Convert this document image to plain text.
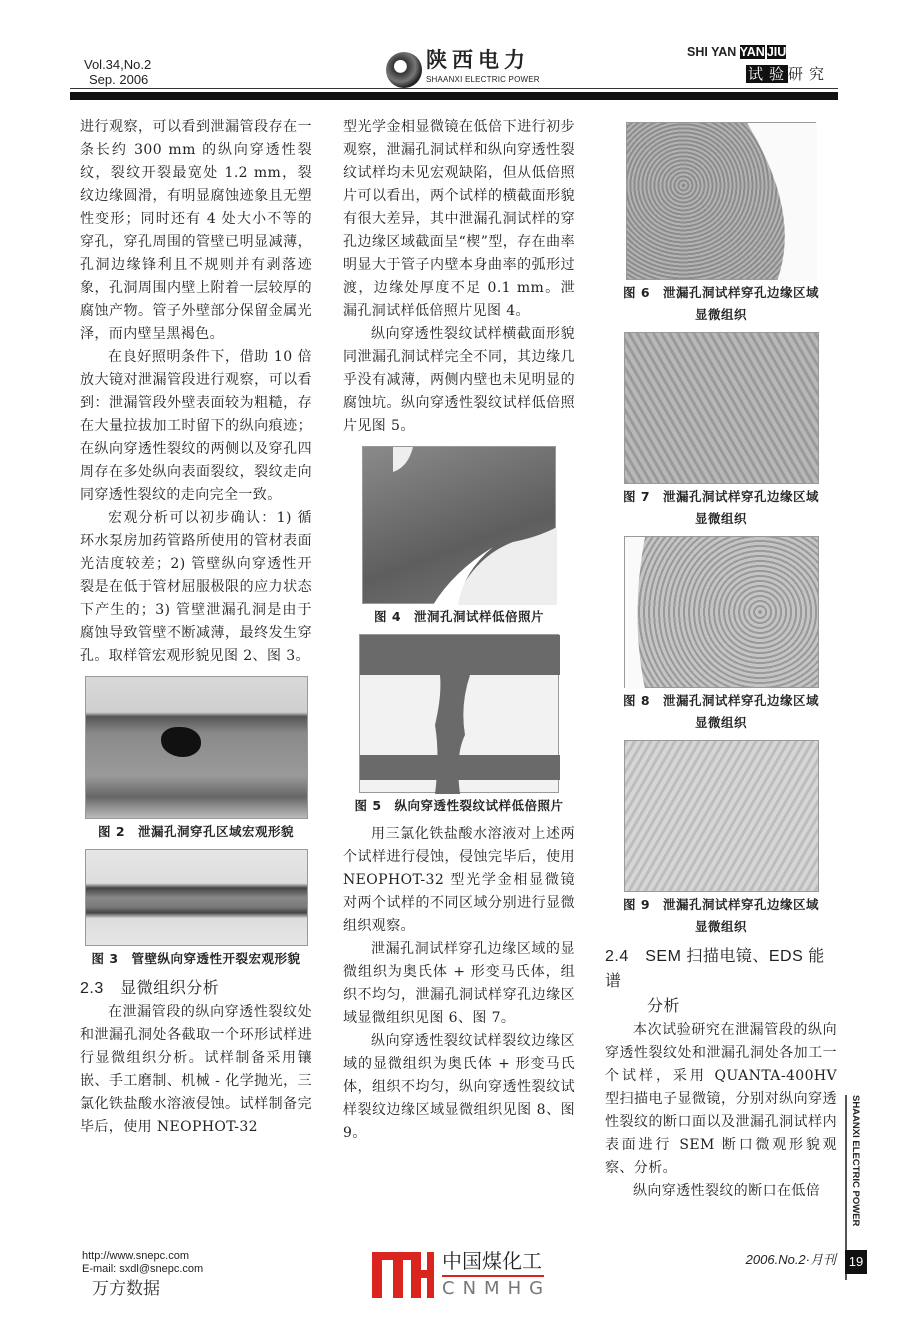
Vol.34,No.2
Sep. 2006
陕西电力
SHAANXI ELECTRIC POWER
SHI YAN YAN JIU
试 验 研 究

进行观察，可以看到泄漏管段存在一条长约 300 mm 的纵向穿透性裂纹，裂纹开裂最宽处 1.2 mm，裂纹边缘圆滑，有明显腐蚀迹象且无塑性变形；同时还有 4 处大小不等的穿孔，穿孔周围的管壁已明显减薄，孔洞边缘锋利且不规则并有剥落迹象，孔洞周围内壁上附着一层较厚的腐蚀产物。管子外壁部分保留金属光泽，而内壁呈黑褐色。

在良好照明条件下，借助 10 倍放大镜对泄漏管段进行观察，可以看到：泄漏管段外壁表面较为粗糙，存在大量拉拔加工时留下的纵向痕迹；在纵向穿透性裂纹的两侧以及穿孔四周存在多处纵向表面裂纹，裂纹走向同穿透性裂纹的走向完全一致。

宏观分析可以初步确认：1) 循环水泵房加药管路所使用的管材表面光洁度较差；2) 管壁纵向穿透性开裂是在低于管材屈服极限的应力状态下产生的；3) 管壁泄漏孔洞是由于腐蚀导致管壁不断减薄，最终发生穿孔。取样管宏观形貌见图 2、图 3。

图 2　泄漏孔洞穿孔区域宏观形貌
图 3　管壁纵向穿透性开裂宏观形貌
2.3　显微组织分析

在泄漏管段的纵向穿透性裂纹处和泄漏孔洞处各截取一个环形试样进行显微组织分析。试样制备采用镶嵌、手工磨制、机械 - 化学抛光，三氯化铁盐酸水溶液侵蚀。试样制备完毕后，使用 NEOPHOT-32

型光学金相显微镜在低倍下进行初步观察，泄漏孔洞试样和纵向穿透性裂纹试样均未见宏观缺陷，但从低倍照片可以看出，两个试样的横截面形貌有很大差异，其中泄漏孔洞试样的穿孔边缘区域截面呈“楔”型，存在曲率明显大于管子内壁本身曲率的弧形过渡，边缘处厚度不足 0.1 mm。泄漏孔洞试样低倍照片见图 4。

纵向穿透性裂纹试样横截面形貌同泄漏孔洞试样完全不同，其边缘几乎没有减薄，两侧内壁也未见明显的腐蚀坑。纵向穿透性裂纹试样低倍照片见图 5。

图 4　泄洞孔洞试样低倍照片
图 5　纵向穿透性裂纹试样低倍照片

用三氯化铁盐酸水溶液对上述两个试样进行侵蚀，侵蚀完毕后，使用 NEOPHOT-32 型光学金相显微镜对两个试样的不同区域分别进行显微组织观察。

泄漏孔洞试样穿孔边缘区域的显微组织为奥氏体 + 形变马氏体，组织不均匀，泄漏孔洞试样穿孔边缘区域显微组织见图 6、图 7。

纵向穿透性裂纹试样裂纹边缘区域的显微组织为奥氏体 + 形变马氏体，组织不均匀，纵向穿透性裂纹试样裂纹边缘区域显微组织见图 8、图 9。

图 6　泄漏孔洞试样穿孔边缘区域
显微组织
图 7　泄漏孔洞试样穿孔边缘区域
显微组织
图 8　泄漏孔洞试样穿孔边缘区域
显微组织
图 9　泄漏孔洞试样穿孔边缘区域
显微组织
2.4　SEM 扫描电镜、EDS 能谱
分析

本次试验研究在泄漏管段的纵向穿透性裂纹处和泄漏孔洞处各加工一个试样，采用 QUANTA-400HV 型扫描电子显微镜，分别对纵向穿透性裂纹的断口面以及泄漏孔洞试样内表面进行 SEM 断口微观形貌观察、分析。

纵向穿透性裂纹的断口在低倍

中国煤化工
CNMHG
SHAANXI ELECTRIC POWER
19
2006.No.2·月刊
http://www.snepc.com
E-mail: sxdl@snepc.com
万方数据
